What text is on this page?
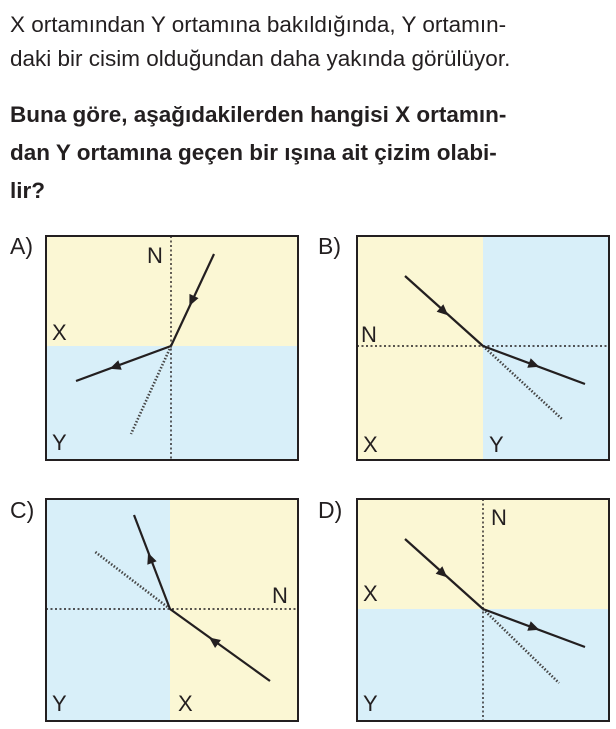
X ortamından Y ortamına bakıldığında, Y ortamın-
daki bir cisim olduğundan daha yakında görülüyor.

Buna göre, aşağıdakilerden hangisi X ortamın-
dan Y ortamına geçen bir ışına ait çizim olabi-
lir?

A)	N
X
Y
B)
N
X	Y
C)
N
X
Y
D)	N
X
Y
